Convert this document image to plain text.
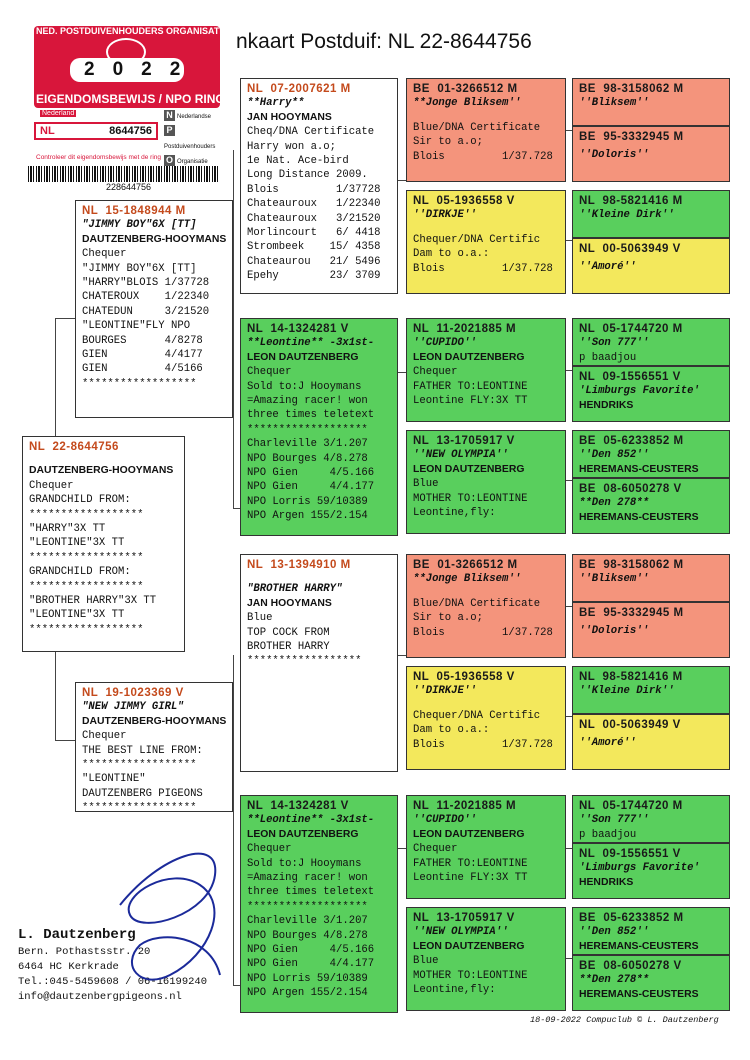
nkaart Postduif: NL 22-8644756
NED. POSTDUIVENHOUDERS ORGANISATIE
2022
EIGENDOMSBEWIJS / NPO RING
Nederland
NL	8644756
N Nederlandse
PPostduivenhouders
O Organisatie
Controleer dit eigendomsbewijs met de ring
228644756
NL  22-8644756
DAUTZENBERG-HOOYMANS
Chequer
GRANDCHILD FROM:
******************
"HARRY"3X TT
"LEONTINE"3X TT
******************
GRANDCHILD FROM:
******************
"BROTHER HARRY"3X TT
"LEONTINE"3X TT
******************
NL  15-1848944 M
"JIMMY BOY"6X [TT]
DAUTZENBERG-HOOYMANS
Chequer
"JIMMY BOY"6X [TT]
"HARRY"BLOIS 1/37728
CHATEROUX    1/22340
CHATEDUN     3/21520
"LEONTINE"FLY NPO
BOURGES      4/8278
GIEN         4/4177
GIEN         4/5166
******************
NL  19-1023369 V
"NEW JIMMY GIRL"
DAUTZENBERG-HOOYMANS
Chequer
THE BEST LINE FROM:
******************
"LEONTINE"
DAUTZENBERG PIGEONS
******************
NL  07-2007621 M
**Harry**
JAN HOOYMANS
Cheq/DNA Certificate
Harry won a.o;
1e Nat. Ace-bird
Long Distance 2009.
Blois         1/37728
Chateauroux   1/22340
Chateauroux   3/21520
Morlincourt   6/ 4418
Strombeek    15/ 4358
Chateaurou   21/ 5496
Epehy        23/ 3709
NL  14-1324281 V
**Leontine** -3x1st-
LEON DAUTZENBERG
Chequer
Sold to:J Hooymans
=Amazing racer! won
three times teletext
*******************
Charleville 3/1.207
NPO Bourges 4/8.278
NPO Gien     4/5.166
NPO Gien     4/4.177
NPO Lorris 59/10389
NPO Argen 155/2.154
NL  13-1394910 M
"BROTHER HARRY"
JAN HOOYMANS
Blue
TOP COCK FROM
BROTHER HARRY
******************
NL  14-1324281 V
**Leontine** -3x1st-
LEON DAUTZENBERG
Chequer
Sold to:J Hooymans
=Amazing racer! won
three times teletext
*******************
Charleville 3/1.207
NPO Bourges 4/8.278
NPO Gien     4/5.166
NPO Gien     4/4.177
NPO Lorris 59/10389
NPO Argen 155/2.154
BE  01-3266512 M
**Jonge Bliksem''
Blue/DNA Certificate
Sir to a.o;
Blois         1/37.728
NL  05-1936558 V
''DIRKJE''
Chequer/DNA Certific
Dam to o.a.:
Blois         1/37.728
NL  11-2021885 M
''CUPIDO''
LEON DAUTZENBERG
Chequer
FATHER TO:LEONTINE
Leontine FLY:3X TT
NL  13-1705917 V
''NEW OLYMPIA''
LEON DAUTZENBERG
Blue
MOTHER TO:LEONTINE
Leontine,fly:
BE  01-3266512 M
**Jonge Bliksem''
Blue/DNA Certificate
Sir to a.o;
Blois         1/37.728
NL  05-1936558 V
''DIRKJE''
Chequer/DNA Certific
Dam to o.a.:
Blois         1/37.728
NL  11-2021885 M
''CUPIDO''
LEON DAUTZENBERG
Chequer
FATHER TO:LEONTINE
Leontine FLY:3X TT
NL  13-1705917 V
''NEW OLYMPIA''
LEON DAUTZENBERG
Blue
MOTHER TO:LEONTINE
Leontine,fly:
BE  98-3158062 M
''Bliksem''
BE  95-3332945 M
''Doloris''
NL  98-5821416 M
''Kleine Dirk''
NL  00-5063949 V
''Amoré''
NL  05-1744720 M
''Son 777''
p baadjou
NL  09-1556551 V
'Limburgs Favorite'
HENDRIKS
BE  05-6233852 M
''Den 852''
HEREMANS-CEUSTERS
BE  08-6050278 V
**Den 278**
HEREMANS-CEUSTERS
BE  98-3158062 M
''Bliksem''
BE  95-3332945 M
''Doloris''
NL  98-5821416 M
''Kleine Dirk''
NL  00-5063949 V
''Amoré''
NL  05-1744720 M
''Son 777''
p baadjou
NL  09-1556551 V
'Limburgs Favorite'
HENDRIKS
BE  05-6233852 M
''Den 852''
HEREMANS-CEUSTERS
BE  08-6050278 V
**Den 278**
HEREMANS-CEUSTERS
L. Dautzenberg
Bern. Pothastsstr. 20
6464 HC Kerkrade
Tel.:045-5459608 / 06-16199240
info@dautzenbergpigeons.nl
18-09-2022 Compuclub © L. Dautzenberg
